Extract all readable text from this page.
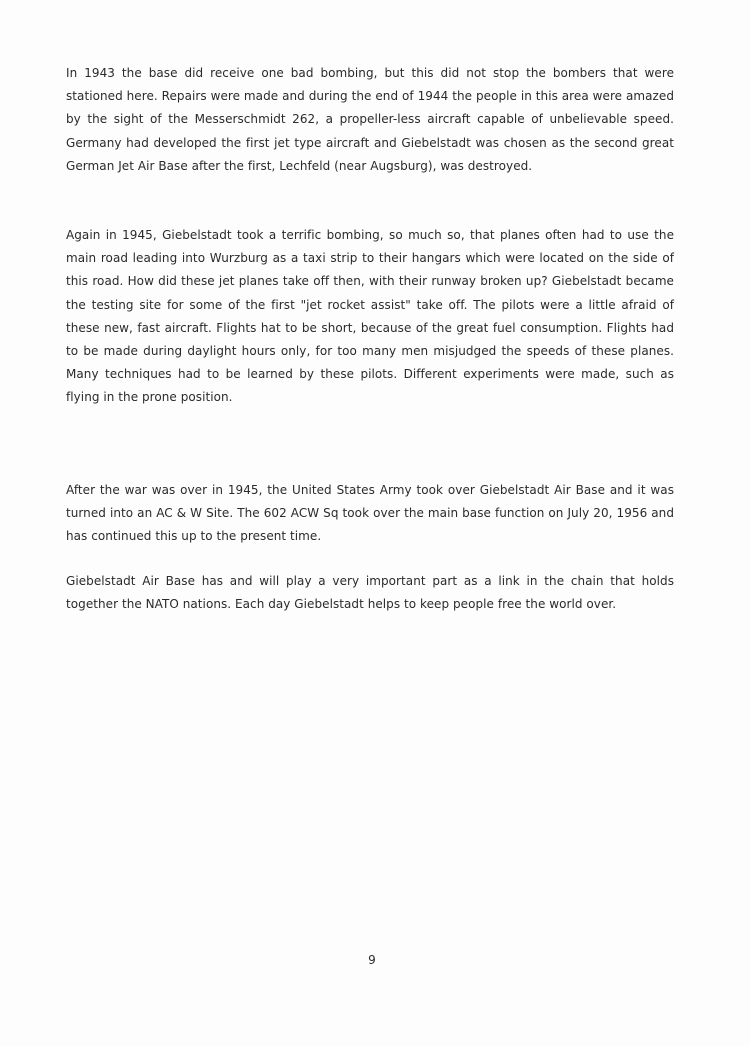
In 1943 the base did receive one bad bombing, but this did not stop the bombers that were stationed here. Repairs were made and during the end of 1944 the people in this area were amazed by the sight of the Messerschmidt 262, a propeller-less aircraft capable of unbelievable speed. Germany had developed the first jet type aircraft and Giebelstadt was chosen as the second great German Jet Air Base after the first, Lechfeld (near Augsburg), was destroyed.

Again in 1945, Giebelstadt took a terrific bombing, so much so, that planes often had to use the main road leading into Wurzburg as a taxi strip to their hangars which were located on the side of this road. How did these jet planes take off then, with their runway broken up? Giebelstadt became the testing site for some of the first "jet rocket assist" take off. The pilots were a little afraid of these new, fast aircraft. Flights hat to be short, because of the great fuel consumption. Flights had to be made during daylight hours only, for too many men misjudged the speeds of these planes. Many techniques had to be learned by these pilots. Different experiments were made, such as flying in the prone position.

After the war was over in 1945, the United States Army took over Giebelstadt Air Base and it was turned into an AC & W Site. The 602 ACW Sq took over the main base function on July 20, 1956 and has continued this up to the present time.

Giebelstadt Air Base has and will play a very important part as a link in the chain that holds together the NATO nations. Each day Giebelstadt helps to keep people free the world over.

9
